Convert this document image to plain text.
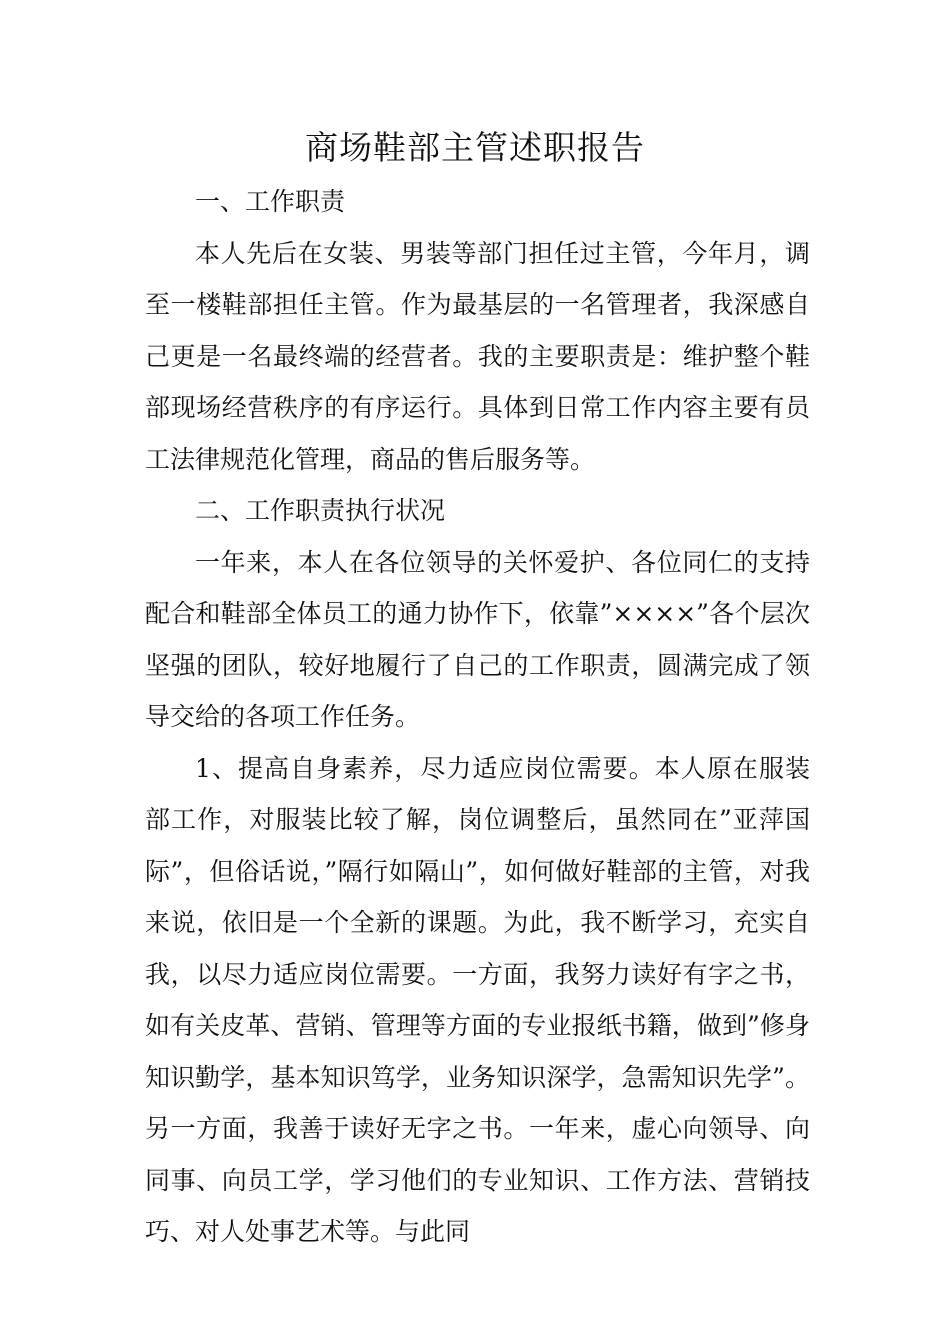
商场鞋部主管述职报告

一、工作职责

本人先后在女装、男装等部门担任过主管，今年月，调至一楼鞋部担任主管。作为最基层的一名管理者，我深感自己更是一名最终端的经营者。我的主要职责是：维护整个鞋部现场经营秩序的有序运行。具体到日常工作内容主要有员工法律规范化管理，商品的售后服务等。

二、工作职责执行状况

一年来，本人在各位领导的关怀爱护、各位同仁的支持配合和鞋部全体员工的通力协作下，依靠”××××”各个层次坚强的团队，较好地履行了自己的工作职责，圆满完成了领导交给的各项工作任务。

1、提高自身素养，尽力适应岗位需要。本人原在服装部工作，对服装比较了解，岗位调整后，虽然同在”亚萍国际”，但俗话说，”隔行如隔山”，如何做好鞋部的主管，对我来说，依旧是一个全新的课题。为此，我不断学习，充实自我，以尽力适应岗位需要。一方面，我努力读好有字之书，如有关皮革、营销、管理等方面的专业报纸书籍，做到”修身知识勤学，基本知识笃学，业务知识深学，急需知识先学”。另一方面，我善于读好无字之书。一年来，虚心向领导、向同事、向员工学，学习他们的专业知识、工作方法、营销技巧、对人处事艺术等。与此同
